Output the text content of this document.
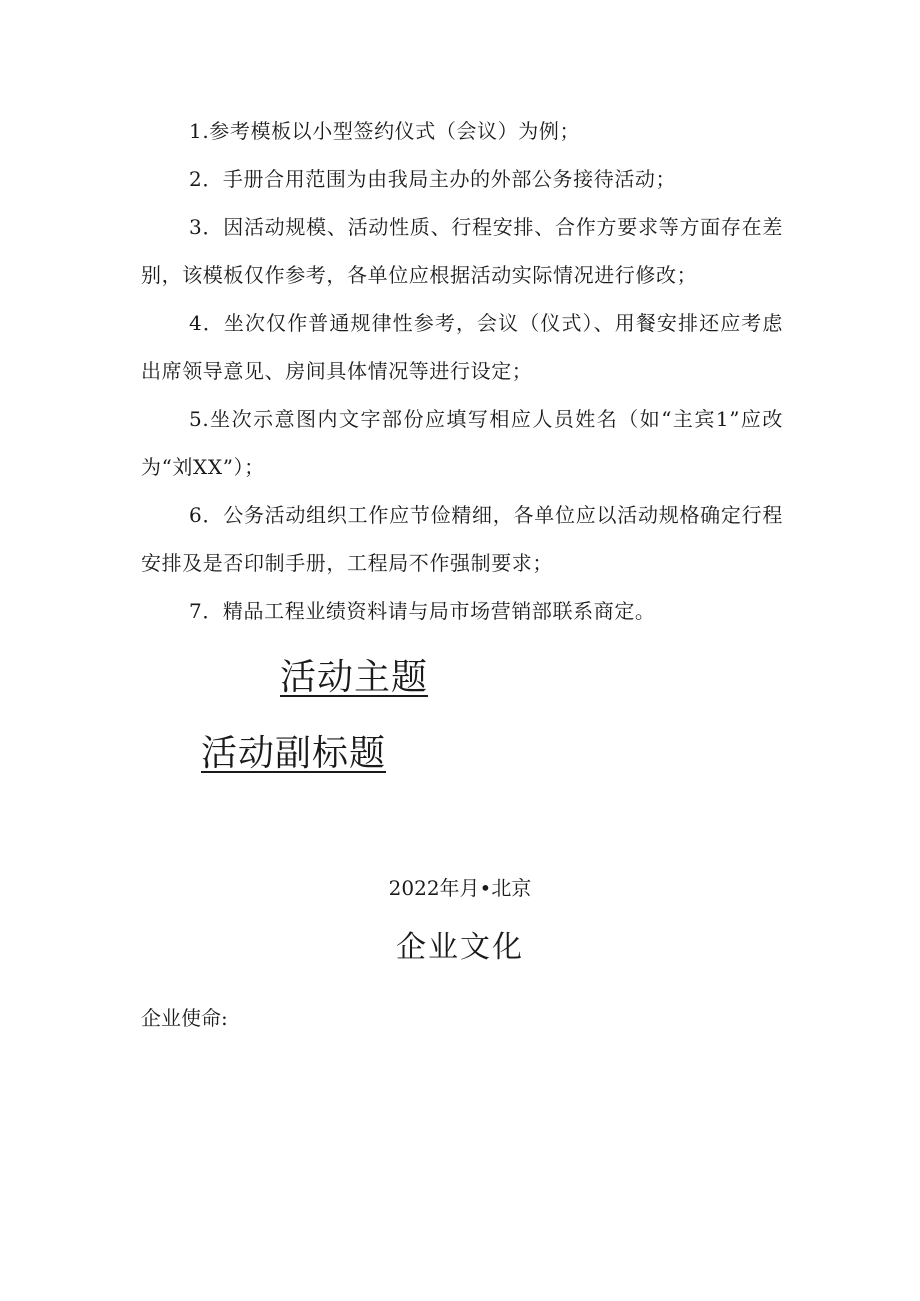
1.参考模板以小型签约仪式（会议）为例；

2．手册合用范围为由我局主办的外部公务接待活动；

3．因活动规模、活动性质、行程安排、合作方要求等方面存在差别，该模板仅作参考，各单位应根据活动实际情况进行修改；

4．坐次仅作普通规律性参考，会议（仪式）、用餐安排还应考虑出席领导意见、房间具体情况等进行设定；

5.坐次示意图内文字部份应填写相应人员姓名（如“主宾1”应改为“刘XX”）；

6．公务活动组织工作应节俭精细，各单位应以活动规格确定行程安排及是否印制手册，工程局不作强制要求；

7．精品工程业绩资料请与局市场营销部联系商定。

活动主题
活动副标题
2022年月•北京
企业文化
企业使命:
